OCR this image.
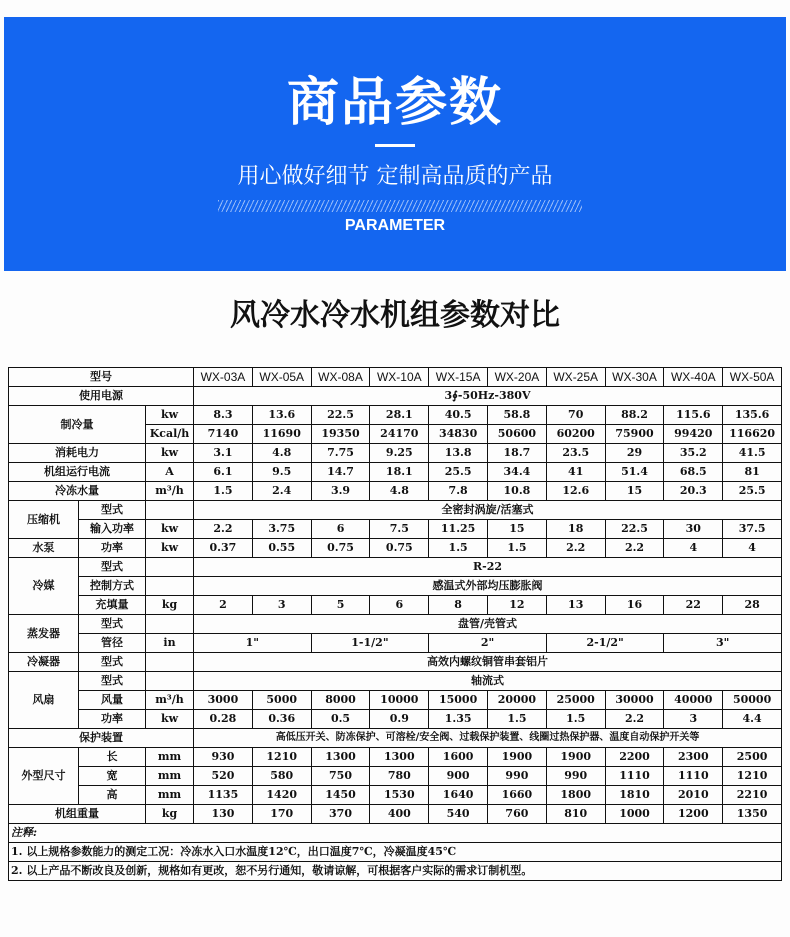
商品参数
用心做好细节 定制高品质的产品
PARAMETER
风冷水冷水机组参数对比
型号			WX-03A	WX-05A	WX-08A	WX-10A	WX-15A	WX-20A	WX-25A	WX-30A	WX-40A	WX-50A
使用电源			3∮-50Hz-380V									
制冷量		kw	8.3	13.6	22.5	28.1	40.5	58.8	70	88.2	115.6	135.6
		Kcal/h	7140	11690	19350	24170	34830	50600	60200	75900	99420	116620
消耗电力		kw	3.1	4.8	7.75	9.25	13.8	18.7	23.5	29	35.2	41.5
机组运行电流		A	6.1	9.5	14.7	18.1	25.5	34.4	41	51.4	68.5	81
冷冻水量		m³/h	1.5	2.4	3.9	4.8	7.8	10.8	12.6	15	20.3	25.5
压缩机	型式		全密封涡旋/活塞式									
	输入功率	kw	2.2	3.75	6	7.5	11.25	15	18	22.5	30	37.5
水泵	功率	kw	0.37	0.55	0.75	0.75	1.5	1.5	2.2	2.2	4	4
冷媒	型式		R-22									
	控制方式		感温式外部均压膨胀阀									
	充填量	kg	2	3	5	6	8	12	13	16	22	28
蒸发器	型式		盘管/壳管式									
	管径	in	1"		1-1/2"		2"		2-1/2"		3"	
冷凝器	型式		高效内螺纹铜管串套铝片									
风扇	型式		轴流式									
	风量	m³/h	3000	5000	8000	10000	15000	20000	25000	30000	40000	50000
	功率	kw	0.28	0.36	0.5	0.9	1.35	1.5	1.5	2.2	3	4.4
保护装置			高低压开关、防冻保护、可溶栓/安全阀、过载保护装置、线圈过热保护器、温度自动保护开关等									
外型尺寸	长	mm	930	1210	1300	1300	1600	1900	1900	2200	2300	2500
	宽	mm	520	580	750	780	900	990	990	1110	1110	1210
	高	mm	1135	1420	1450	1530	1640	1660	1800	1810	2010	2210
机组重量		kg	130	170	370	400	540	760	810	1000	1200	1350
注释:												
1. 以上规格参数能力的测定工况：冷冻水入口水温度12℃，出口温度7℃，冷凝温度45℃												
2. 以上产品不断改良及创新，规格如有更改，恕不另行通知，敬请谅解，可根据客户实际的需求订制机型。												
